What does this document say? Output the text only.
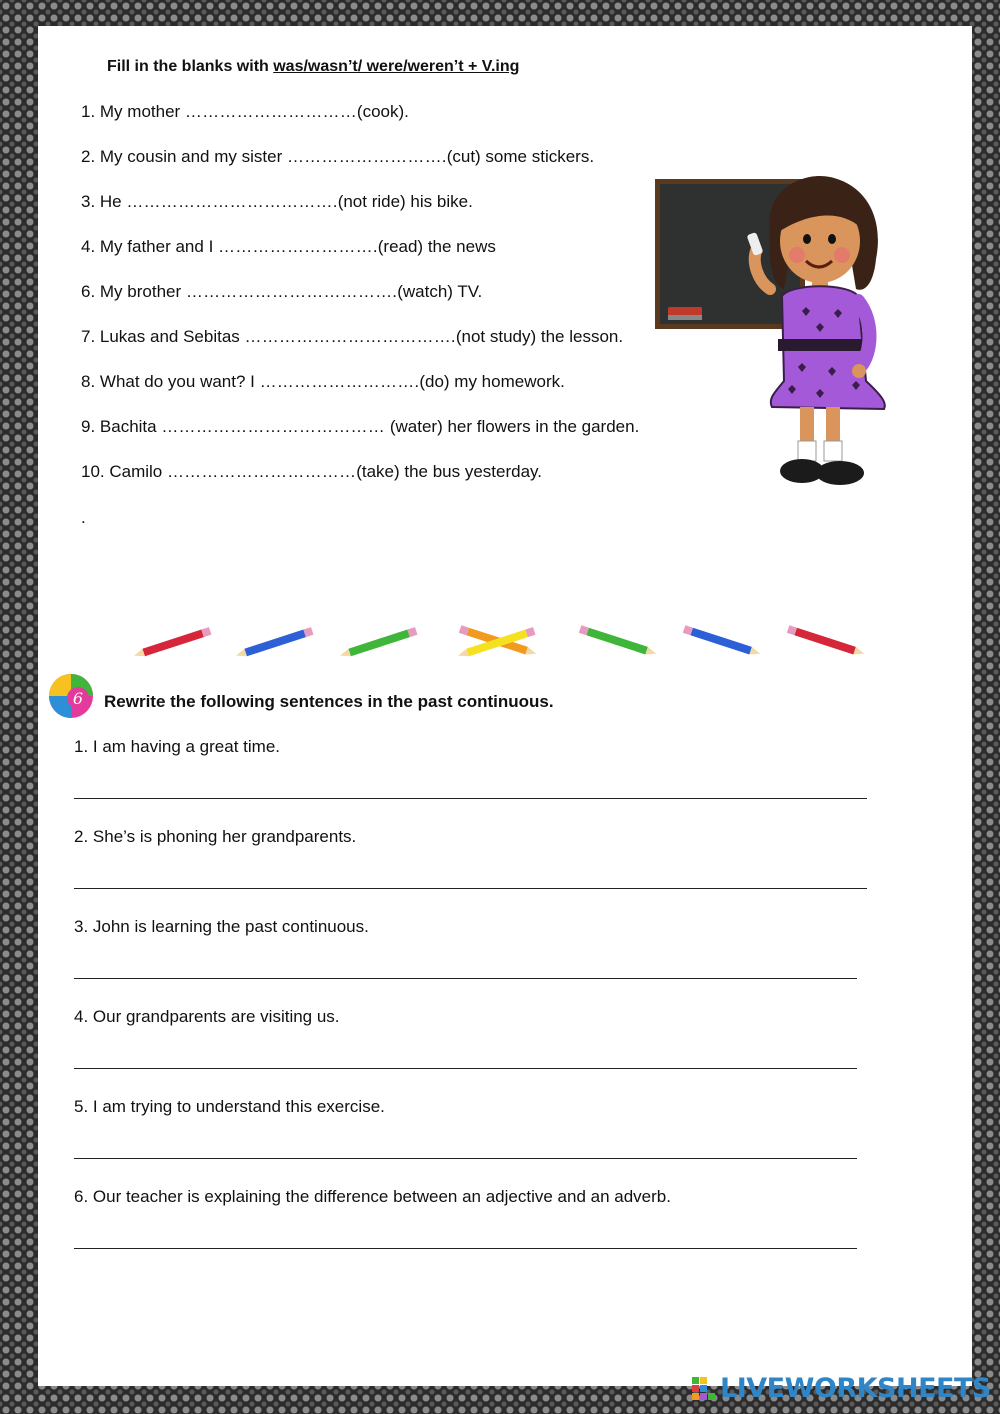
Fill in the blanks with was/wasn’t/ were/weren’t + V.ing
1. My mother …………………………(cook).
2. My cousin and my sister ……………………….(cut) some stickers.
3. He ……………………………….(not ride) his bike.
4. My father and I ……………………….(read) the news
6. My brother ……………………………….(watch) TV.
7. Lukas and Sebitas ……………………………….(not study) the lesson.
8. What do you want? I ……………………….(do) my homework.
9. Bachita ………………………………… (water) her flowers in the garden.
10. Camilo ……………………………(take) the bus yesterday.
.
6 Rewrite the following sentences in the past continuous.
1. I am having a great time.
2. She’s is phoning her grandparents.
3. John is learning the past continuous.
4. Our grandparents are visiting us.
5. I am trying to understand this exercise.
6. Our teacher is explaining the difference between an adjective and an adverb.
LIVEWORKSHEETS
